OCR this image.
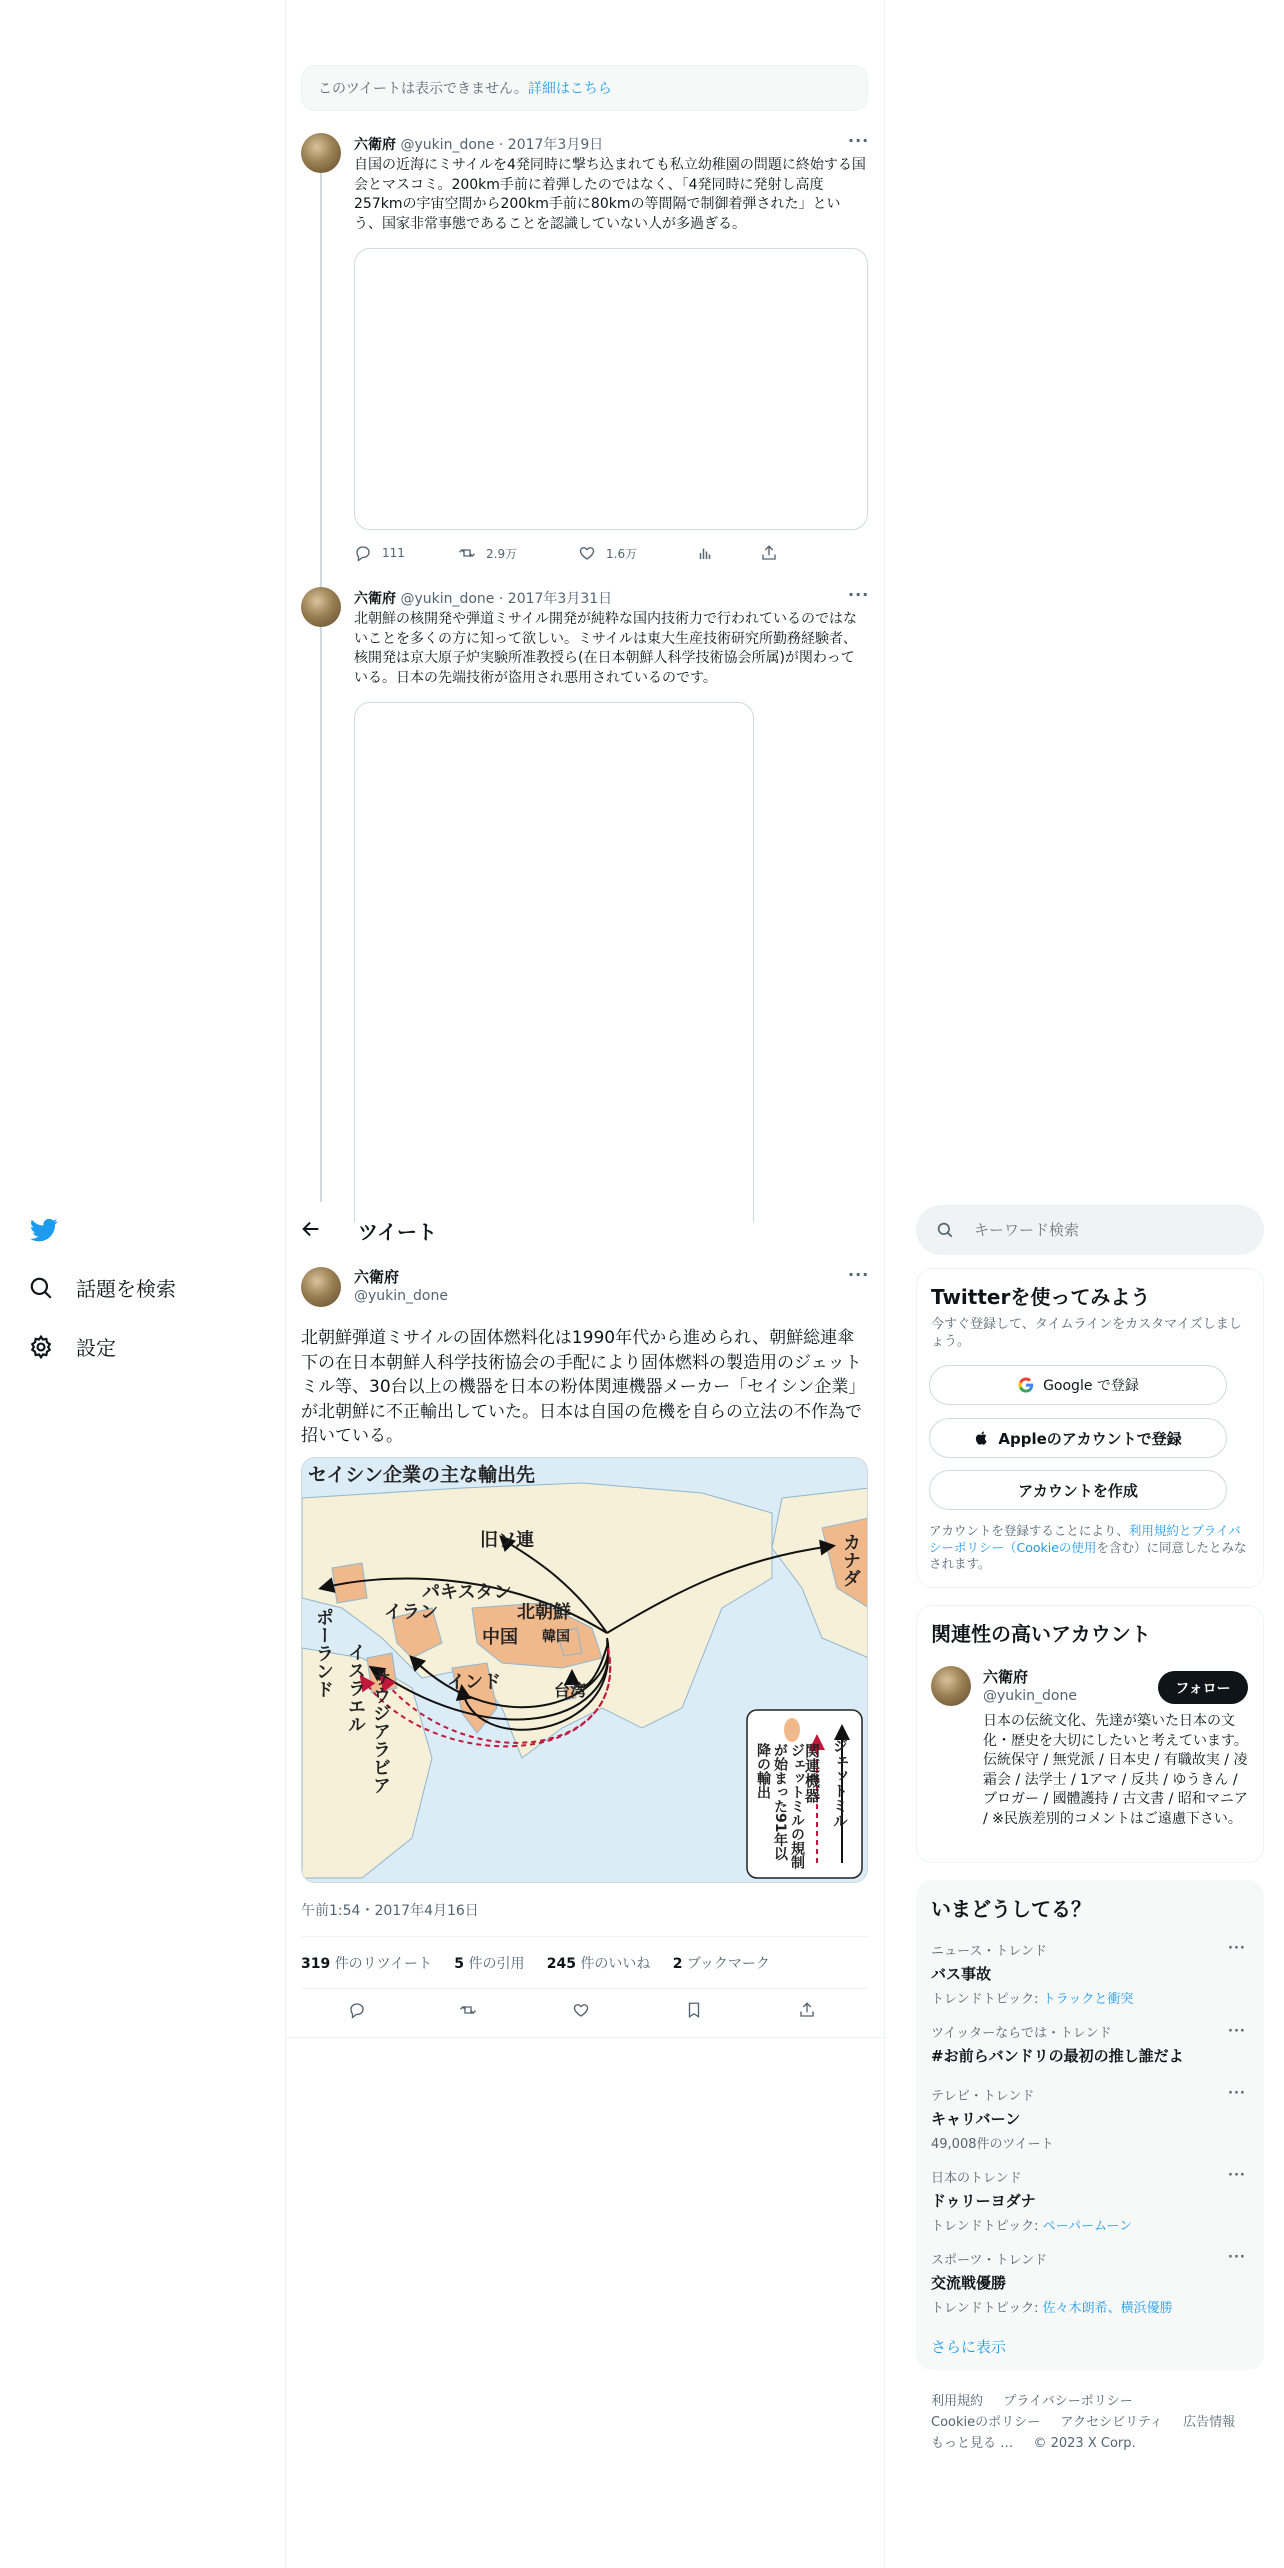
このツイートは表示できません。 詳細はこちら
六衛府 @yukin_done · 2017年3月9日	···
自国の近海にミサイルを4発同時に撃ち込まれても私立幼稚園の問題に終始する国会とマスコミ。200km手前に着弾したのではなく、「4発同時に発射し高度257kmの宇宙空間から200km手前に80kmの等間隔で制御着弾された」という、国家非常事態であることを認識していない人が多過ぎる。
111	2.9万	1.6万
六衛府 @yukin_done · 2017年3月31日	···
北朝鮮の核開発や弾道ミサイル開発が純粋な国内技術力で行われているのではないことを多くの方に知って欲しい。ミサイルは東大生産技術研究所勤務経験者、核開発は京大原子炉実験所准教授ら(在日本朝鮮人科学技術協会所属)が関わっている。日本の先端技術が盗用され悪用されているのです。
話題を検索
設定
ツイート
六衛府
@yukin_done
···
北朝鮮弾道ミサイルの固体燃料化は1990年代から進められ、朝鮮総連傘下の在日本朝鮮人科学技術協会の手配により固体燃料の製造用のジェットミル等、30台以上の機器を日本の粉体関連機器メーカー「セイシン企業」が北朝鮮に不正輸出していた。日本は自国の危機を自らの立法の不作為で招いている。
セイシン企業の主な輸出先
旧ソ連
パキスタン
北朝鮮
イラン
中国 韓国
インド	台湾
カナダ
ポーランド イスラエル サウジアラビア	ジェットミル
関連機器
ジェットミルの規制が始まった91年以降の輸出
午前1:54・2017年4月16日
319 件のリツイート 5 件の引用 245 件のいいね 2 ブックマーク
キーワード検索
Twitterを使ってみよう
今すぐ登録して、タイムラインをカスタマイズしましょう。
Google で登録
Appleのアカウントで登録
アカウントを作成
アカウントを登録することにより、利用規約とプライバシーポリシー（Cookieの使用を含む）に同意したとみなされます。
関連性の高いアカウント
六衛府
@yukin_done	フォロー
日本の伝統文化、先達が築いた日本の文化・歴史を大切にしたいと考えています。伝統保守 / 無党派 / 日本史 / 有職故実 / 凌霜会 / 法学士 / 1アマ / 反共 / ゆうきん / ブロガー / 國體護持 / 古文書 / 昭和マニア / ※民族差別的コメントはご遠慮下さい。
いまどうしてる？
ニュース・トレンド
バス事故
トレンドトピック: トラックと衝突
···
ツイッターならでは・トレンド
#お前らバンドリの最初の推し誰だよ
···
テレビ・トレンド
キャリバーン
49,008件のツイート
···
日本のトレンド
ドゥリーヨダナ
トレンドトピック: ペーパームーン
···
スポーツ・トレンド
交流戦優勝
トレンドトピック: 佐々木朗希、横浜優勝
···
さらに表示
利用規約 プライバシーポリシー
Cookieのポリシー アクセシビリティ 広告情報
もっと見る … © 2023 X Corp.
